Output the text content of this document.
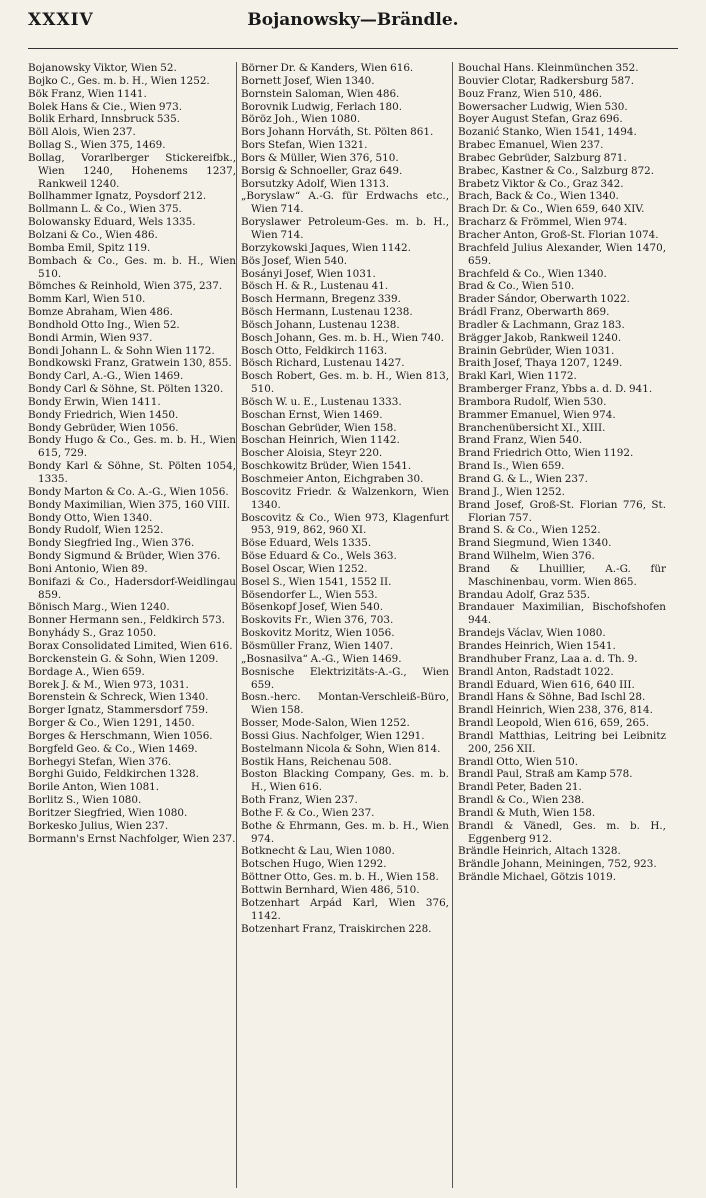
XXXIV	Bojanowsky—Brändle.

Bojanowsky Viktor, Wien 52.

Bojko C., Ges. m. b. H., Wien 1252.

Bök Franz, Wien 1141.

Bolek Hans & Cie., Wien 973.

Bolik Erhard, Innsbruck 535.

Böll Alois, Wien 237.

Bollag S., Wien 375, 1469.

Bollag, Vorarlberger Stickereifbk., Wien 1240, Hohenems 1237, Rankweil 1240.

Bollhammer Ignatz, Poysdorf 212.

Bollmann L. & Co., Wien 375.

Bolowansky Eduard, Wels 1335.

Bolzani & Co., Wien 486.

Bomba Emil, Spitz 119.

Bombach & Co., Ges. m. b. H., Wien 510.

Bömches & Reinhold, Wien 375, 237.

Bomm Karl, Wien 510.

Bomze Abraham, Wien 486.

Bondhold Otto Ing., Wien 52.

Bondi Armin, Wien 937.

Bondi Johann L. & Sohn Wien 1172.

Bondkowski Franz, Gratwein 130, 855.

Bondy Carl, A.-G., Wien 1469.

Bondy Carl & Söhne, St. Pölten 1320.

Bondy Erwin, Wien 1411.

Bondy Friedrich, Wien 1450.

Bondy Gebrüder, Wien 1056.

Bondy Hugo & Co., Ges. m. b. H., Wien 615, 729.

Bondy Karl & Söhne, St. Pölten 1054, 1335.

Bondy Marton & Co. A.-G., Wien 1056.

Bondy Maximilian, Wien 375, 160 VIII.

Bondy Otto, Wien 1340.

Bondy Rudolf, Wien 1252.

Bondy Siegfried Ing., Wien 376.

Bondy Sigmund & Brüder, Wien 376.

Boni Antonio, Wien 89.

Bonifazi & Co., Hadersdorf-Weidlingau 859.

Bönisch Marg., Wien 1240.

Bonner Hermann sen., Feldkirch 573.

Bonyhády S., Graz 1050.

Borax Consolidated Limited, Wien 616.

Borckenstein G. & Sohn, Wien 1209.

Bordage A., Wien 659.

Borek J. & M., Wien 973, 1031.

Borenstein & Schreck, Wien 1340.

Borger Ignatz, Stammersdorf 759.

Borger & Co., Wien 1291, 1450.

Borges & Herschmann, Wien 1056.

Borgfeld Geo. & Co., Wien 1469.

Borhegyi Stefan, Wien 376.

Borghi Guido, Feldkirchen 1328.

Borile Anton, Wien 1081.

Borlitz S., Wien 1080.

Boritzer Siegfried, Wien 1080.

Borkesko Julius, Wien 237.

Bormann's Ernst Nachfolger, Wien 237.

Börner Dr. & Kanders, Wien 616.

Bornett Josef, Wien 1340.

Bornstein Saloman, Wien 486.

Borovnik Ludwig, Ferlach 180.

Böröz Joh., Wien 1080.

Bors Johann Horváth, St. Pölten 861.

Bors Stefan, Wien 1321.

Bors & Müller, Wien 376, 510.

Borsig & Schnoeller, Graz 649.

Borsutzky Adolf, Wien 1313.

„Boryslaw“ A.-G. für Erdwachs etc., Wien 714.

Boryslawer Petroleum-Ges. m. b. H., Wien 714.

Borzykowski Jaques, Wien 1142.

Bös Josef, Wien 540.

Bosányi Josef, Wien 1031.

Bösch H. & R., Lustenau 41.

Bosch Hermann, Bregenz 339.

Bösch Hermann, Lustenau 1238.

Bösch Johann, Lustenau 1238.

Bosch Johann, Ges. m. b. H., Wien 740.

Bosch Otto, Feldkirch 1163.

Bösch Richard, Lustenau 1427.

Bosch Robert, Ges. m. b. H., Wien 813, 510.

Bösch W. u. E., Lustenau 1333.

Boschan Ernst, Wien 1469.

Boschan Gebrüder, Wien 158.

Boschan Heinrich, Wien 1142.

Boscher Aloisia, Steyr 220.

Boschkowitz Brüder, Wien 1541.

Boschmeier Anton, Eichgraben 30.

Boscovitz Friedr. & Walzenkorn, Wien 1340.

Boscovitz & Co., Wien 973, Klagenfurt 953, 919, 862, 960 XI.

Böse Eduard, Wels 1335.

Böse Eduard & Co., Wels 363.

Bosel Oscar, Wien 1252.

Bosel S., Wien 1541, 1552 II.

Bösendorfer L., Wien 553.

Bösenkopf Josef, Wien 540.

Boskovits Fr., Wien 376, 703.

Boskovitz Moritz, Wien 1056.

Bösmüller Franz, Wien 1407.

„Bosnasilva“ A.-G., Wien 1469.

Bosnische Elektrizitäts-A.-G., Wien 659.

Bosn.-herc. Montan-Verschleiß-Büro, Wien 158.

Bosser, Mode-Salon, Wien 1252.

Bossi Gius. Nachfolger, Wien 1291.

Bostelmann Nicola & Sohn, Wien 814.

Bostik Hans, Reichenau 508.

Boston Blacking Company, Ges. m. b. H., Wien 616.

Both Franz, Wien 237.

Bothe F. & Co., Wien 237.

Bothe & Ehrmann, Ges. m. b. H., Wien 974.

Botknecht & Lau, Wien 1080.

Botschen Hugo, Wien 1292.

Böttner Otto, Ges. m. b. H., Wien 158.

Bottwin Bernhard, Wien 486, 510.

Botzenhart Arpád Karl, Wien 376, 1142.

Botzenhart Franz, Traiskirchen 228.

Bouchal Hans. Kleinmünchen 352.

Bouvier Clotar, Radkersburg 587.

Bouz Franz, Wien 510, 486.

Bowersacher Ludwig, Wien 530.

Boyer August Stefan, Graz 696.

Bozanić Stanko, Wien 1541, 1494.

Brabec Emanuel, Wien 237.

Brabec Gebrüder, Salzburg 871.

Brabec, Kastner & Co., Salzburg 872.

Brabetz Viktor & Co., Graz 342.

Brach, Back & Co., Wien 1340.

Brach Dr. & Co., Wien 659, 640 XIV.

Bracharz & Frömmel, Wien 974.

Bracher Anton, Groß-St. Florian 1074.

Brachfeld Julius Alexander, Wien 1470, 659.

Brachfeld & Co., Wien 1340.

Brad & Co., Wien 510.

Brader Sándor, Oberwarth 1022.

Brádl Franz, Oberwarth 869.

Bradler & Lachmann, Graz 183.

Brägger Jakob, Rankweil 1240.

Brainin Gebrüder, Wien 1031.

Braith Josef, Thaya 1207, 1249.

Brakl Karl, Wien 1172.

Bramberger Franz, Ybbs a. d. D. 941.

Brambora Rudolf, Wien 530.

Brammer Emanuel, Wien 974.

Branchenübersicht XI., XIII.

Brand Franz, Wien 540.

Brand Friedrich Otto, Wien 1192.

Brand Is., Wien 659.

Brand G. & L., Wien 237.

Brand J., Wien 1252.

Brand Josef, Groß-St. Florian 776, St. Florian 757.

Brand S. & Co., Wien 1252.

Brand Siegmund, Wien 1340.

Brand Wilhelm, Wien 376.

Brand & Lhuillier, A.-G. für Maschinenbau, vorm. Wien 865.

Brandau Adolf, Graz 535.

Brandauer Maximilian, Bischofshofen 944.

Brandejs Václav, Wien 1080.

Brandes Heinrich, Wien 1541.

Brandhuber Franz, Laa a. d. Th. 9.

Brandl Anton, Radstadt 1022.

Brandl Eduard, Wien 616, 640 III.

Brandl Hans & Söhne, Bad Ischl 28.

Brandl Heinrich, Wien 238, 376, 814.

Brandl Leopold, Wien 616, 659, 265.

Brandl Matthias, Leitring bei Leibnitz 200, 256 XII.

Brandl Otto, Wien 510.

Brandl Paul, Straß am Kamp 578.

Brandl Peter, Baden 21.

Brandl & Co., Wien 238.

Brandl & Muth, Wien 158.

Brandl & Vänedl, Ges. m. b. H., Eggenberg 912.

Brändle Heinrich, Altach 1328.

Brändle Johann, Meiningen, 752, 923.

Brändle Michael, Götzis 1019.
